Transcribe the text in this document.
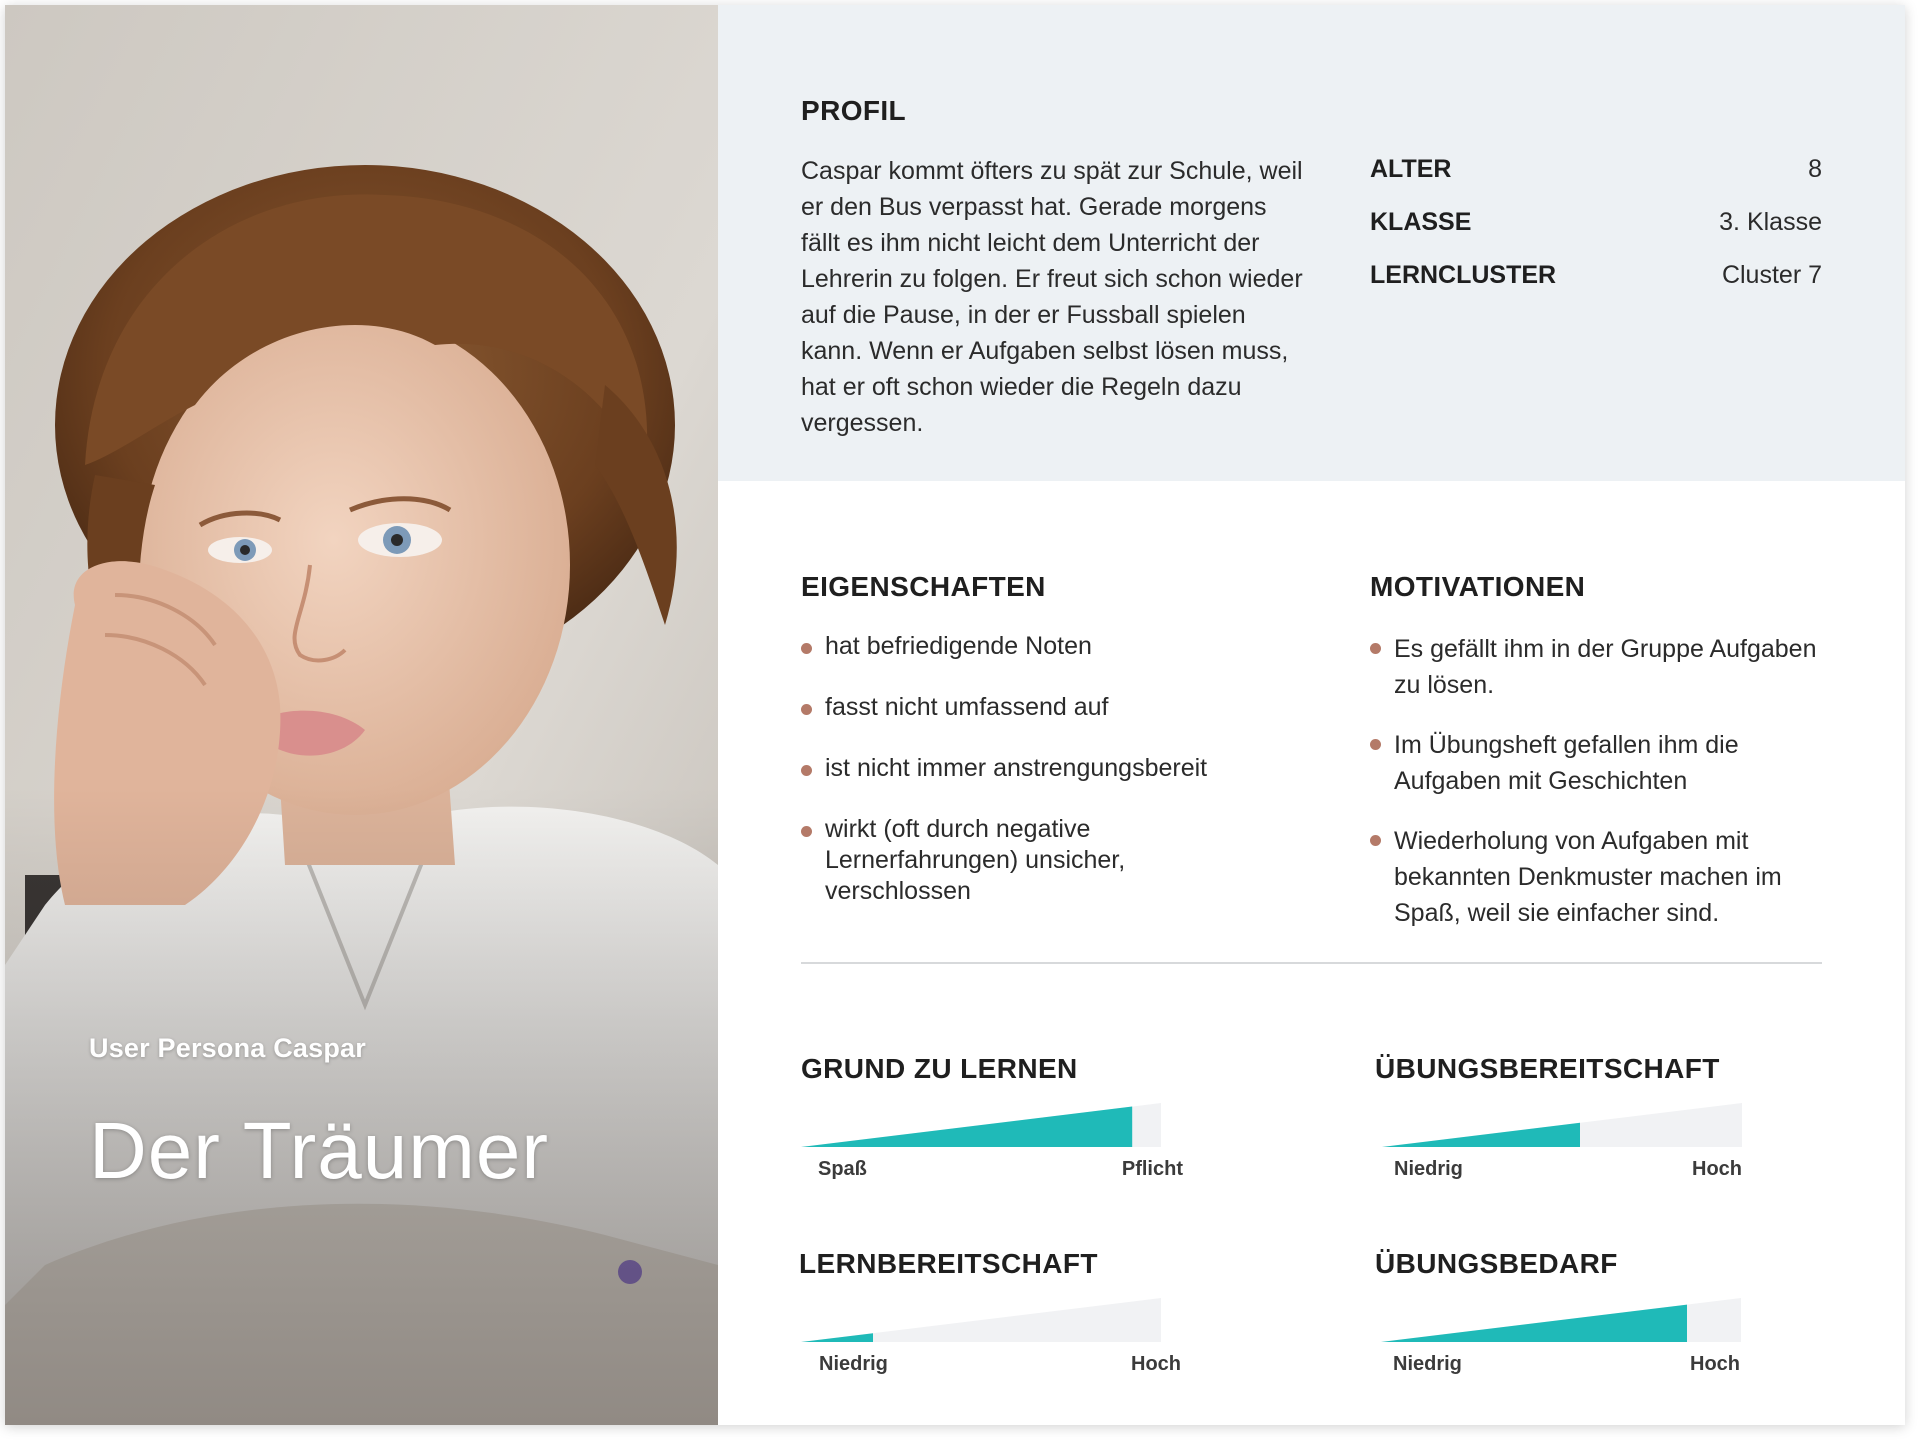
User Persona Caspar
Der Träumer
PROFIL
Caspar kommt öfters zu spät zur Schule, weil er den Bus verpasst hat. Gerade morgens fällt es ihm nicht leicht dem Unterricht der Lehrerin zu folgen. Er freut sich schon wieder auf die Pause, in der er Fussball spielen kann. Wenn er Aufgaben selbst lösen muss, hat er oft schon wieder die Regeln dazu vergessen.
ALTER	8
KLASSE	3. Klasse
LERNCLUSTER	Cluster 7
EIGENSCHAFTEN
hat befriedigende Noten
fasst nicht umfassend auf
ist nicht immer anstrengungsbereit
wirkt (oft durch negative Lernerfahrungen) unsicher, verschlossen
MOTIVATIONEN
Es gefällt ihm in der Gruppe Aufgaben zu lösen.
Im Übungsheft gefallen ihm die Aufgaben mit Geschichten
Wiederholung von Aufgaben mit bekannten Denkmuster machen im Spaß, weil sie einfacher sind.
GRUND ZU LERNEN
Spaß	Pflicht
ÜBUNGSBEREITSCHAFT
Niedrig	Hoch
LERNBEREITSCHAFT
Niedrig	Hoch
ÜBUNGSBEDARF
Niedrig	Hoch
